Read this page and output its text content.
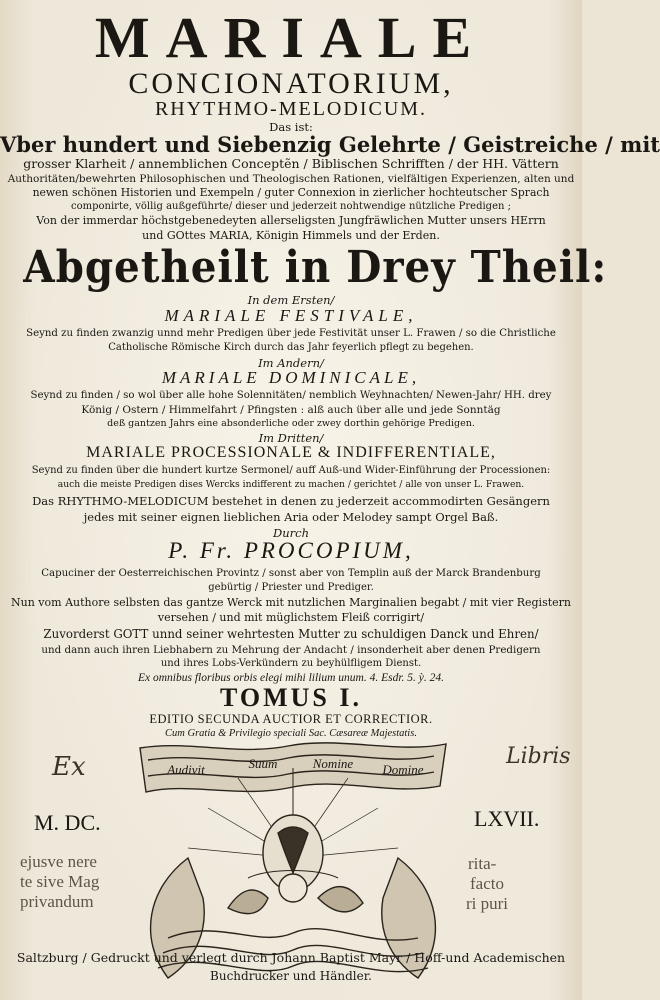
MARIALE
CONCIONATORIUM,
RHYTHMO-MELODICUM.
Das ist:
Vber hundert und Siebenzig Gelehrte / Geistreiche / mit
grosser Klarheit / annemblichen Conceptẽn / Biblischen Schrifften / der HH. Vättern
Authoritäten/bewehrten Philosophischen und Theologischen Rationen, vielfältigen Experienzen, alten und
newen schönen Historien und Exempeln / guter Connexion in zierlicher hochteutscher Sprach
componirte, völlig außgeführte/ dieser und jederzeit nohtwendige nützliche Predigen ;
Von der immerdar höchstgebenedeyten allerseligsten Jungfräwlichen Mutter unsers HErrn
und GOttes MARIA, Königin Himmels und der Erden.
Abgetheilt in Drey Theil:
In dem Ersten/
MARIALE FESTIVALE,
Seynd zu finden zwanzig unnd mehr Predigen über jede Festivität unser L. Frawen / so die Christliche
Catholische Römische Kirch durch das Jahr feyerlich pflegt zu begehen.
Im Andern/
MARIALE DOMINICALE,
Seynd zu finden / so wol über alle hohe Solennitäten/ nemblich Weyhnachten/ Newen-Jahr/ HH. drey
König / Ostern / Himmelfahrt / Pfingsten : alß auch über alle und jede Sonntäg
deß gantzen Jahrs eine absonderliche oder zwey dorthin gehörige Predigen.
Im Dritten/
MARIALE PROCESSIONALE & INDIFFERENTIALE,
Seynd zu finden über die hundert kurtze Sermonel/ auff Auß-und Wider-Einführung der Processionen:
auch die meiste Predigen dises Wercks indifferent zu machen / gerichtet / alle von unser L. Frawen.
Das RHYTHMO-MELODICUM bestehet in denen zu jederzeit accommodirten Gesängern
jedes mit seiner eignen lieblichen Aria oder Melodey sampt Orgel Baß.
Durch
P. Fr. PROCOPIUM,
Capuciner der Oesterreichischen Provintz / sonst aber von Templin auß der Marck Brandenburg
gebürtig / Priester und Prediger.
Nun vom Authore selbsten das gantze Werck mit nutzlichen Marginalien begabt / mit vier Registern
versehen / und mit müglichstem Fleiß corrigirt/
Zuvorderst GOTT unnd seiner wehrtesten Mutter zu schuldigen Danck und Ehren/
und dann auch ihren Liebhabern zu Mehrung der Andacht / insonderheit aber denen Predigern
und ihres Lobs-Verkündern zu beyhülfligem Dienst.
Ex omnibus floribus orbis elegi mihi lilium unum. 4. Esdr. 5. ỳ. 24.
TOMUS I.
EDITIO SECUNDA AUCTIOR ET CORRECTIOR.
Cum Gratia & Privilegio speciali Sac. Cæsareæ Majestatis.
Ex	Libris
Audivit	Suum	Nomine Domine
M. DC.	LXVII.
ejusve nere
te sive Mag
privandum
rita-
facto
ri puri
Saltzburg / Gedruckt und verlegt durch Johann Baptist Mayr / Hoff-und Academischen
Buchdrucker und Händler.
